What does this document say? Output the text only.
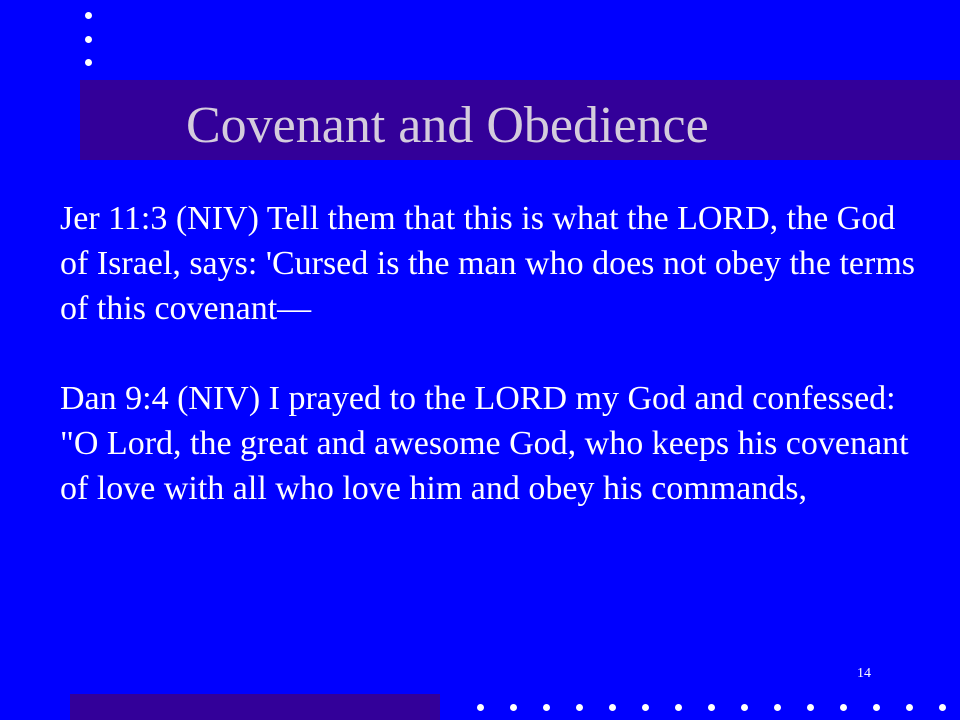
Covenant and Obedience

Jer 11:3 (NIV) Tell them that this is what the LORD, the God of Israel, says: 'Cursed is the man who does not obey the terms of this covenant—

Dan 9:4 (NIV) I prayed to the LORD my God and confessed: "O Lord, the great and awesome God, who keeps his covenant of love with all who love him and obey his commands,

14
